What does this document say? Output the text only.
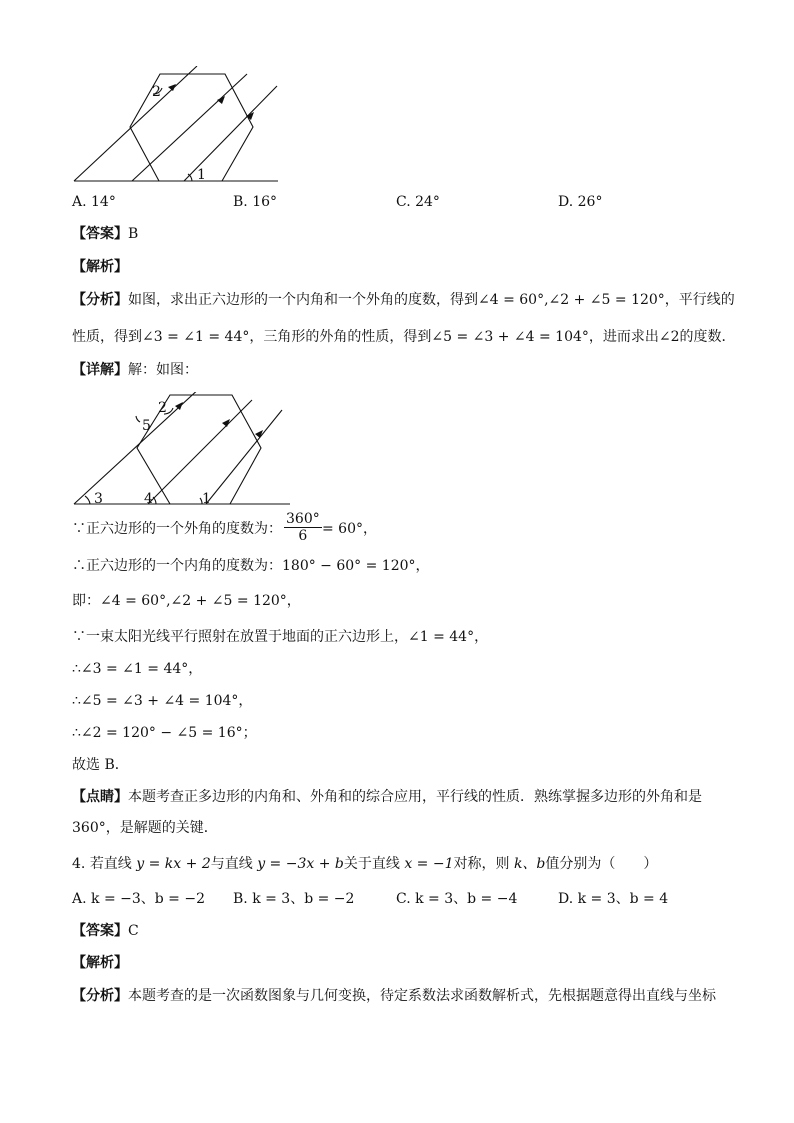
1
2
A. 14°	B. 16°	C. 24°	D. 26°
【答案】B
【解析】
【分析】如图，求出正六边形的一个内角和一个外角的度数，得到∠4 = 60°,∠2 + ∠5 = 120°，平行线的
性质，得到∠3 = ∠1 = 44°，三角形的外角的性质，得到∠5 = ∠3 + ∠4 = 104°，进而求出∠2的度数．
【详解】解：如图：
3	4	1
5
2
∵正六边形的一个外角的度数为： $\frac{360^\circ}{6} = 60^\circ$，
∴正六边形的一个内角的度数为：180° − 60° = 120°，
即：∠4 = 60°,∠2 + ∠5 = 120°，
∵一束太阳光线平行照射在放置于地面的正六边形上，∠1 = 44°，
∴∠3 = ∠1 = 44°，
∴∠5 = ∠3 + ∠4 = 104°，
∴∠2 = 120° − ∠5 = 16°；
故选 B．
【点睛】本题考查正多边形的内角和、外角和的综合应用，平行线的性质．熟练掌握多边形的外角和是
360°，是解题的关键．
4. 若直线 y = kx + 2与直线 y = −3x + b关于直线 x = −1对称，则 k、b值分别为（　　）
A. k = −3、b = −2 B. k = 3、b = −2	C. k = 3、b = −4	D. k = 3、b = 4
【答案】C
【解析】
【分析】本题考查的是一次函数图象与几何变换，待定系数法求函数解析式，先根据题意得出直线与坐标
